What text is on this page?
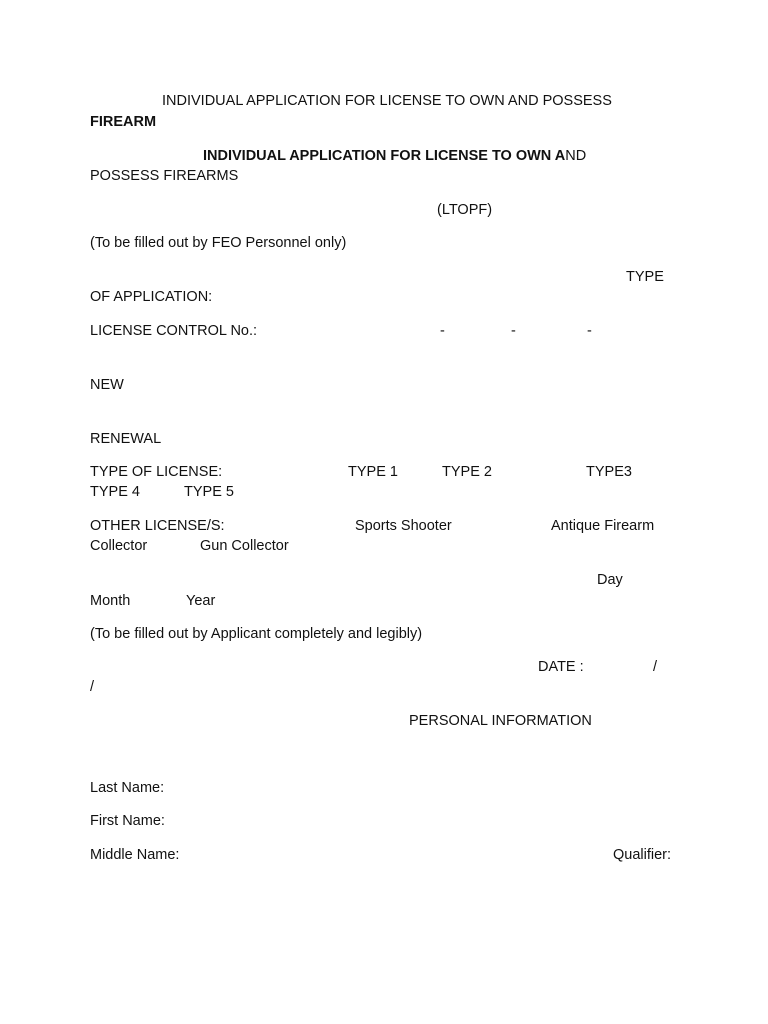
INDIVIDUAL APPLICATION FOR LICENSE TO OWN AND POSSESS
FIREARM
INDIVIDUAL APPLICATION FOR LICENSE TO OWN AND
POSSESS FIREARMS
(LTOPF)
(To be filled out by FEO Personnel only)
TYPE
OF APPLICATION:
LICENSE CONTROL No.:	-	-	-
NEW
RENEWAL
TYPE OF LICENSE:	TYPE 1	TYPE 2	TYPE3
TYPE 4	TYPE 5
OTHER LICENSE/S:	Sports Shooter	Antique Firearm
Collector	Gun Collector
Day
Month	Year
(To be filled out by Applicant completely and legibly)
DATE :	/
/
PERSONAL INFORMATION
Last Name:
First Name:
Middle Name:	Qualifier:
